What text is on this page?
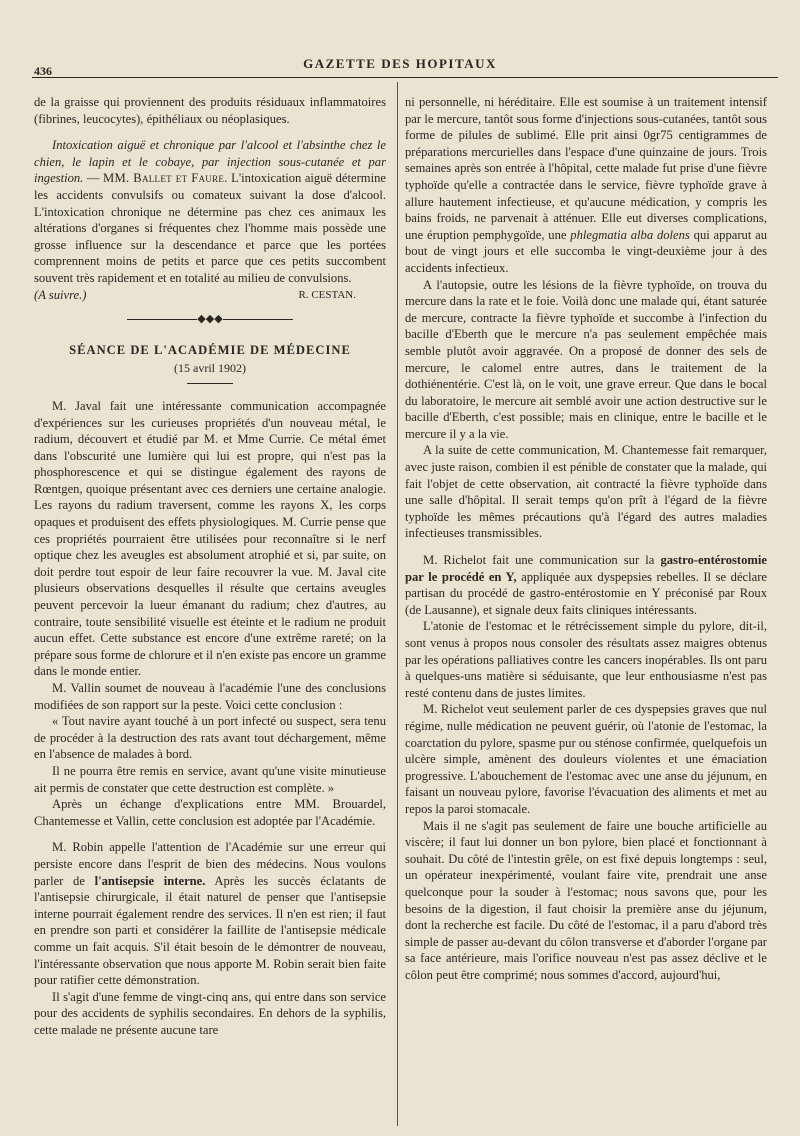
436	GAZETTE DES HOPITAUX

de la graisse qui proviennent des produits résiduaux inflammatoires (fibrines, leucocytes), épithéliaux ou néoplasiques.

Intoxication aiguë et chronique par l'alcool et l'absinthe chez le chien, le lapin et le cobaye, par injection sous-cutanée et par ingestion. — MM. Ballet et Faure. L'intoxication aiguë détermine les accidents convulsifs ou comateux suivant la dose d'alcool. L'intoxication chronique ne détermine pas chez ces animaux les altérations d'organes si fréquentes chez l'homme mais possède une grosse influence sur la descendance et parce que les portées comprennent moins de petits et parce que ces petits succombent souvent très rapidement et en totalité au milieu de convulsions.

(A suivre.)	R. CESTAN.
◆◆◆
SÉANCE DE L'ACADÉMIE DE MÉDECINE
(15 avril 1902)

M. Javal fait une intéressante communication accompagnée d'expériences sur les curieuses propriétés d'un nouveau métal, le radium, découvert et étudié par M. et Mme Currie. Ce métal émet dans l'obscurité une lumière qui lui est propre, qui n'est pas la phosphorescence et qui se distingue également des rayons de Rœntgen, quoique présentant avec ces derniers une certaine analogie. Les rayons du radium traversent, comme les rayons X, les corps opaques et produisent des effets physiologiques. M. Currie pense que ces propriétés pourraient être utilisées pour reconnaître si le nerf optique chez les aveugles est absolument atrophié et si, par suite, on doit perdre tout espoir de leur faire recouvrer la vue. M. Javal cite plusieurs observations desquelles il résulte que certains aveugles peuvent percevoir la lueur émanant du radium; chez d'autres, au contraire, toute sensibilité visuelle est éteinte et le radium ne produit aucun effet. Cette substance est encore d'une extrême rareté; on la prépare sous forme de chlorure et il n'en existe pas encore un gramme dans le monde entier.

M. Vallin soumet de nouveau à l'académie l'une des conclusions modifiées de son rapport sur la peste. Voici cette conclusion :

« Tout navire ayant touché à un port infecté ou suspect, sera tenu de procéder à la destruction des rats avant tout déchargement, même en l'absence de malades à bord.

Il ne pourra être remis en service, avant qu'une visite minutieuse ait permis de constater que cette destruction est complète. »

Après un échange d'explications entre MM. Brouardel, Chantemesse et Vallin, cette conclusion est adoptée par l'Académie.

M. Robin appelle l'attention de l'Académie sur une erreur qui persiste encore dans l'esprit de bien des médecins. Nous voulons parler de l'antisepsie interne. Après les succès éclatants de l'antisepsie chirurgicale, il était naturel de penser que l'antisepsie interne pourrait également rendre des services. Il n'en est rien; il faut en prendre son parti et considérer la faillite de l'antisepsie médicale comme un fait acquis. S'il était besoin de le démontrer de nouveau, l'intéressante observation que nous apporte M. Robin serait bien faite pour ratifier cette démonstration.

Il s'agit d'une femme de vingt-cinq ans, qui entre dans son service pour des accidents de syphilis secondaires. En dehors de la syphilis, cette malade ne présente aucune tare

ni personnelle, ni héréditaire. Elle est soumise à un traitement intensif par le mercure, tantôt sous forme d'injections sous-cutanées, tantôt sous forme de pilules de sublimé. Elle prit ainsi 0gr75 centigrammes de préparations mercurielles dans l'espace d'une quinzaine de jours. Trois semaines après son entrée à l'hôpital, cette malade fut prise d'une fièvre typhoïde qu'elle a contractée dans le service, fièvre typhoïde grave à allure hautement infectieuse, et qu'aucune médication, y compris les bains froids, ne parvenait à atténuer. Elle eut diverses complications, une éruption pemphygoïde, une phlegmatia alba dolens qui apparut au bout de vingt jours et elle succomba le vingt-deuxième jour à des accidents infectieux.

A l'autopsie, outre les lésions de la fièvre typhoïde, on trouva du mercure dans la rate et le foie. Voilà donc une malade qui, étant saturée de mercure, contracte la fièvre typhoïde et succombe à l'infection du bacille d'Eberth que le mercure n'a pas seulement empêchée mais semble plutôt avoir aggravée. On a proposé de donner des sels de mercure, le calomel entre autres, dans le traitement de la dothiénentérie. C'est là, on le voit, une grave erreur. Que dans le bocal du laboratoire, le mercure ait semblé avoir une action destructive sur le bacille d'Eberth, c'est possible; mais en clinique, entre le bacille et le mercure il y a la vie.

A la suite de cette communication, M. Chantemesse fait remarquer, avec juste raison, combien il est pénible de constater que la malade, qui fait l'objet de cette observation, ait contracté la fièvre typhoïde dans une salle d'hôpital. Il serait temps qu'on prît à l'égard de la fièvre typhoïde les mêmes précautions qu'à l'égard des autres maladies infectieuses transmissibles.

M. Richelot fait une communication sur la gastro-entérostomie par le procédé en Y, appliquée aux dyspepsies rebelles. Il se déclare partisan du procédé de gastro-entérostomie en Y préconisé par Roux (de Lausanne), et signale deux faits cliniques intéressants.

L'atonie de l'estomac et le rétrécissement simple du pylore, dit-il, sont venus à propos nous consoler des résultats assez maigres obtenus par les opérations palliatives contre les cancers inopérables. Ils ont paru à quelques-uns matière si séduisante, que leur enthousiasme n'est pas resté contenu dans de justes limites.

M. Richelot veut seulement parler de ces dyspepsies graves que nul régime, nulle médication ne peuvent guérir, où l'atonie de l'estomac, la coarctation du pylore, spasme pur ou sténose confirmée, quelquefois un ulcère simple, amènent des douleurs violentes et une émaciation progressive. L'abouchement de l'estomac avec une anse du jéjunum, en faisant un nouveau pylore, favorise l'évacuation des aliments et met au repos la paroi stomacale.

Mais il ne s'agit pas seulement de faire une bouche artificielle au viscère; il faut lui donner un bon pylore, bien placé et fonctionnant à souhait. Du côté de l'intestin grêle, on est fixé depuis longtemps : seul, un opérateur inexpérimenté, voulant faire vite, prendrait une anse quelconque pour la souder à l'estomac; nous savons que, pour les besoins de la digestion, il faut choisir la première anse du jéjunum, dont la recherche est facile. Du côté de l'estomac, il a paru d'abord très simple de passer au-devant du côlon transverse et d'aborder l'organe par sa face antérieure, mais l'orifice nouveau n'est pas assez déclive et le côlon peut être comprimé; nous sommes d'accord, aujourd'hui,
